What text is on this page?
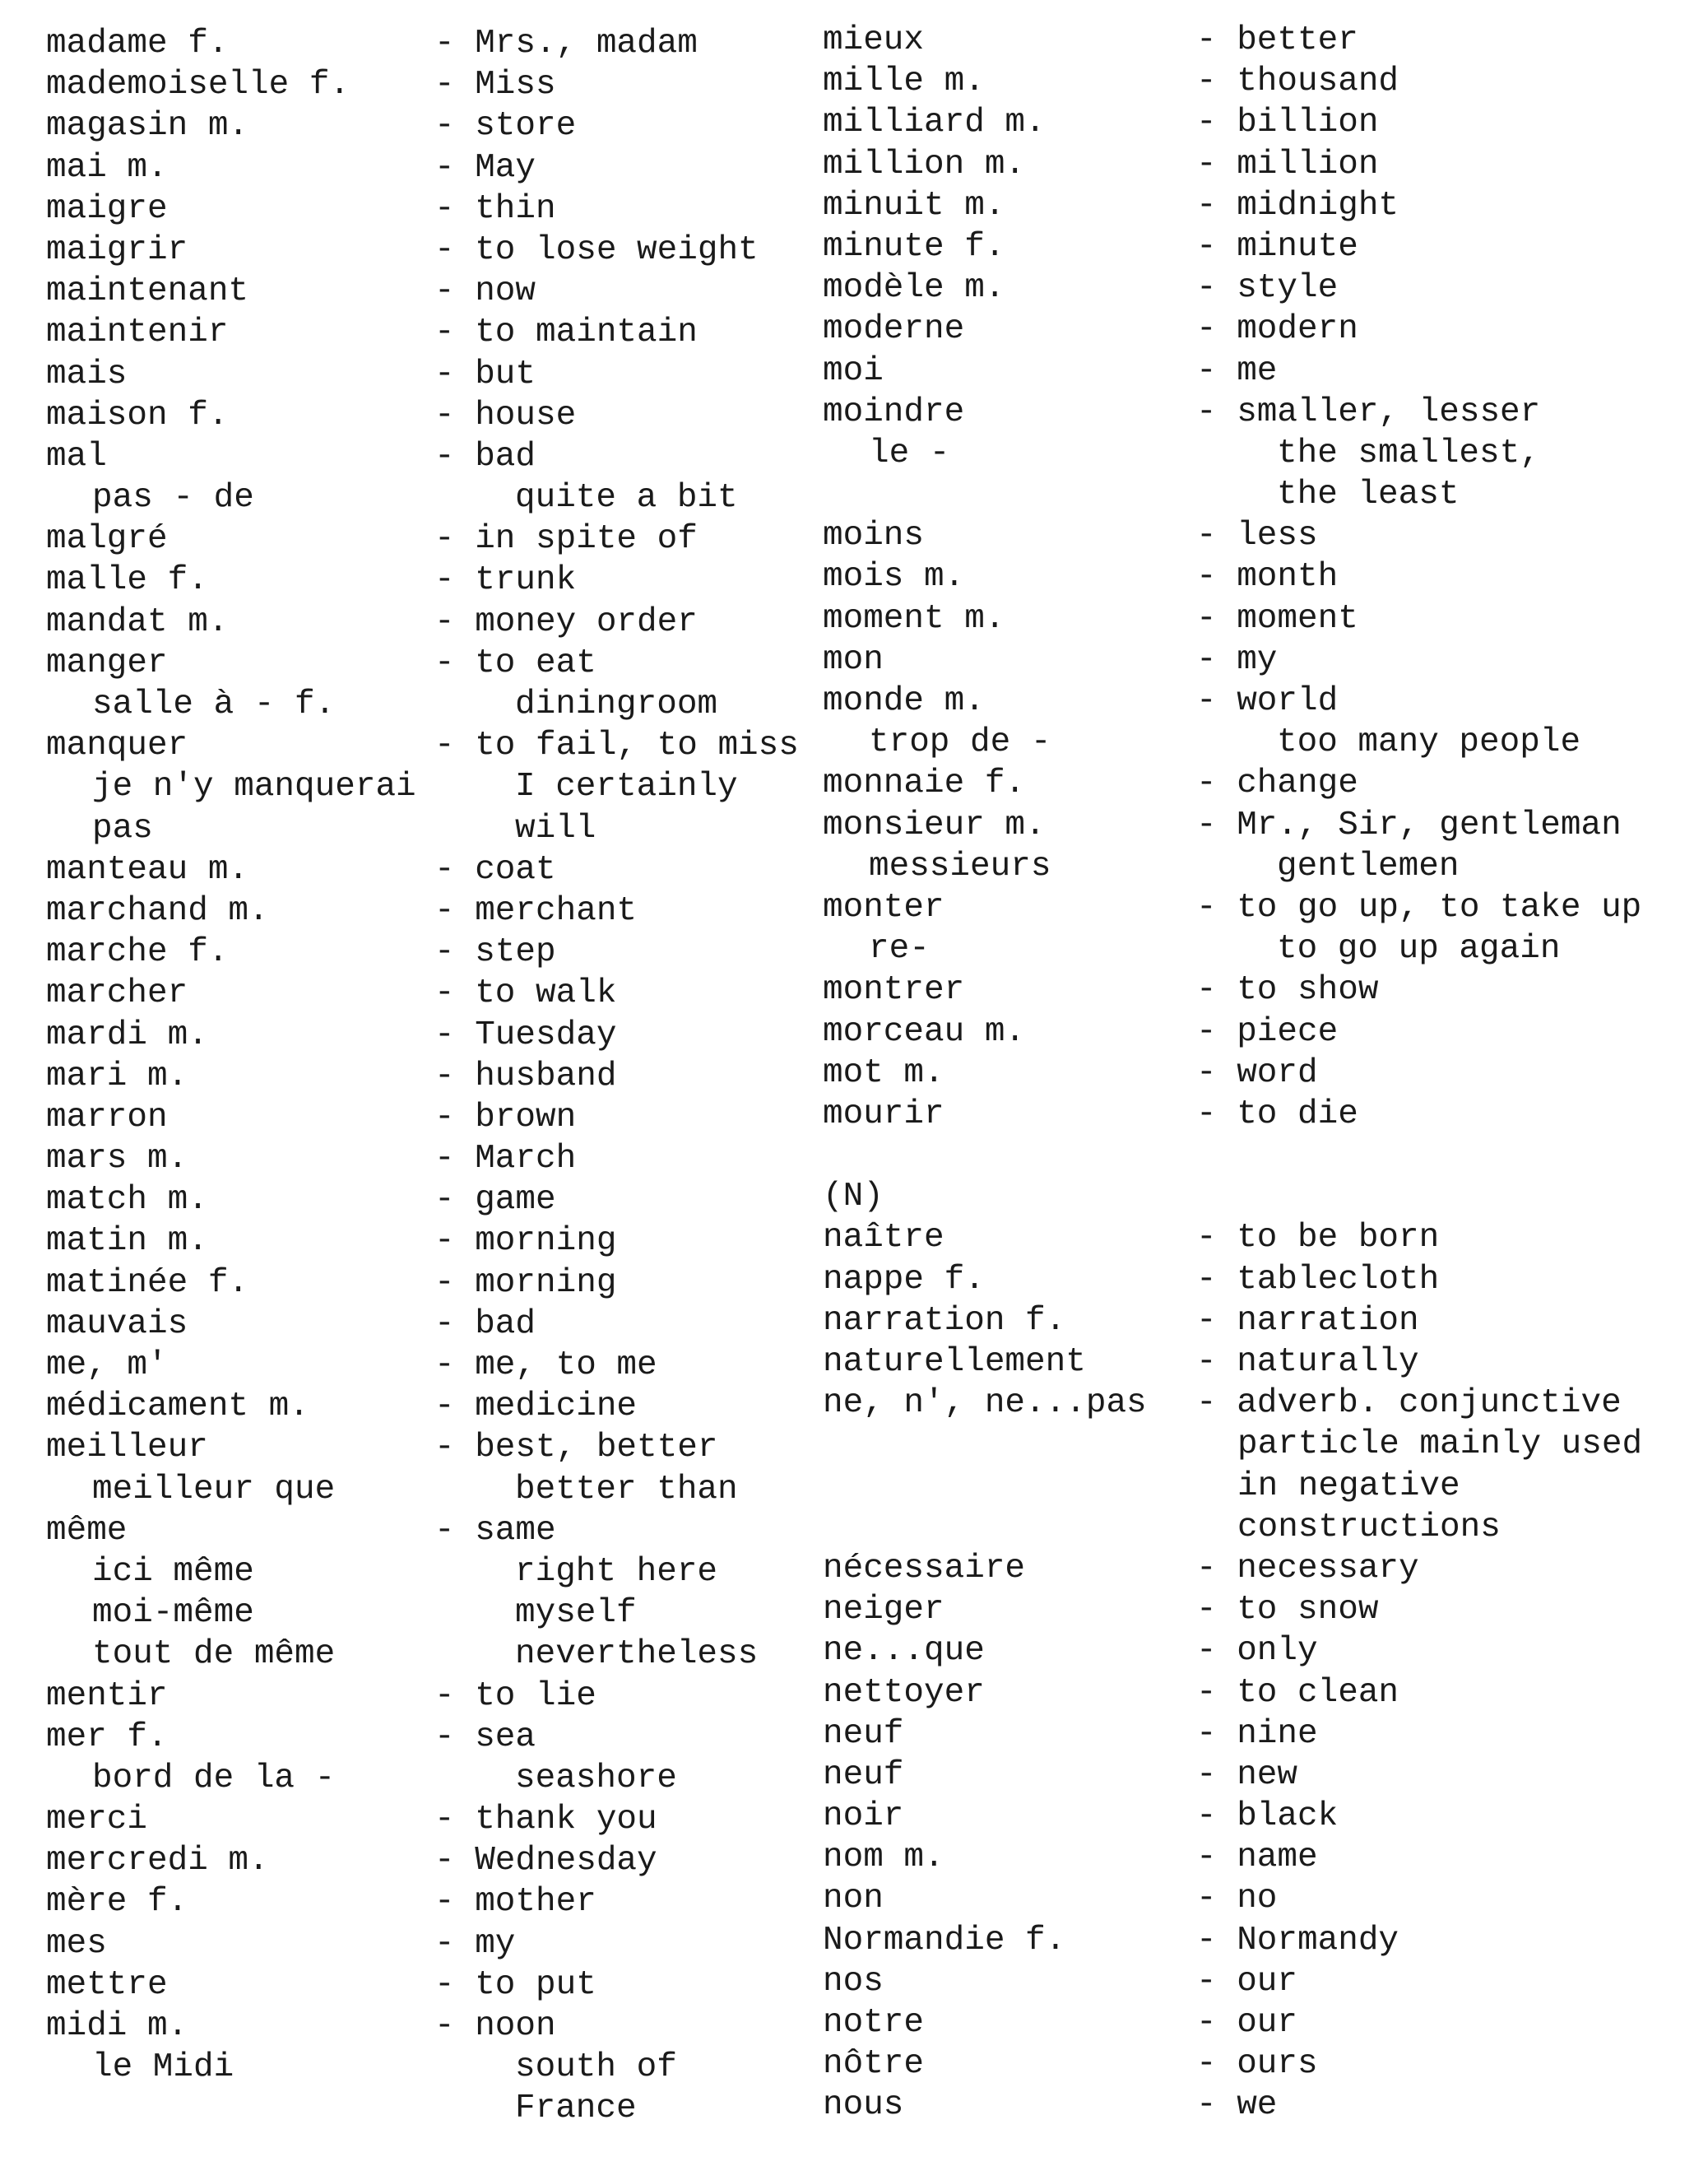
madame f.	- Mrs., madam
mademoiselle f.	- Miss
magasin m.	- store
mai m.	- May
maigre	- thin
maigrir	- to lose weight
maintenant	- now
maintenir	- to maintain
mais	- but
maison f.	- house
mal	- bad
pas - de	quite a bit
malgré	- in spite of
malle f.	- trunk
mandat m.	- money order
manger	- to eat
salle à - f.	diningroom
manquer	- to fail, to miss
je n'y manquerai	I certainly
pas	will
manteau m.	- coat
marchand m.	- merchant
marche f.	- step
marcher	- to walk
mardi m.	- Tuesday
mari m.	- husband
marron	- brown
mars m.	- March
match m.	- game
matin m.	- morning
matinée f.	- morning
mauvais	- bad
me, m'	- me, to me
médicament m.	- medicine
meilleur	- best, better
meilleur que	better than
même	- same
ici même	right here
moi-même	myself
tout de même	nevertheless
mentir	- to lie
mer f.	- sea
bord de la -	seashore
merci	- thank you
mercredi m.	- Wednesday
mère f.	- mother
mes	- my
mettre	- to put
midi m.	- noon
le Midi	south of
France
mieux	- better
mille m.	- thousand
milliard m.	- billion
million m.	- million
minuit m.	- midnight
minute f.	- minute
modèle m.	- style
moderne	- modern
moi	- me
moindre	- smaller, lesser
le -	the smallest,
the least
moins	- less
mois m.	- month
moment m.	- moment
mon	- my
monde m.	- world
trop de -	too many people
monnaie f.	- change
monsieur m.	- Mr., Sir, gentleman
messieurs	gentlemen
monter	- to go up, to take up
re-	to go up again
montrer	- to show
morceau m.	- piece
mot m.	- word
mourir	- to die
(N)
naître	- to be born
nappe f.	- tablecloth
narration f.	- narration
naturellement	- naturally
ne, n', ne...pas - adverb. conjunctive
particle mainly used
in negative
constructions
nécessaire	- necessary
neiger	- to snow
ne...que	- only
nettoyer	- to clean
neuf	- nine
neuf	- new
noir	- black
nom m.	- name
non	- no
Normandie f.	- Normandy
nos	- our
notre	- our
nôtre	- ours
nous	- we
